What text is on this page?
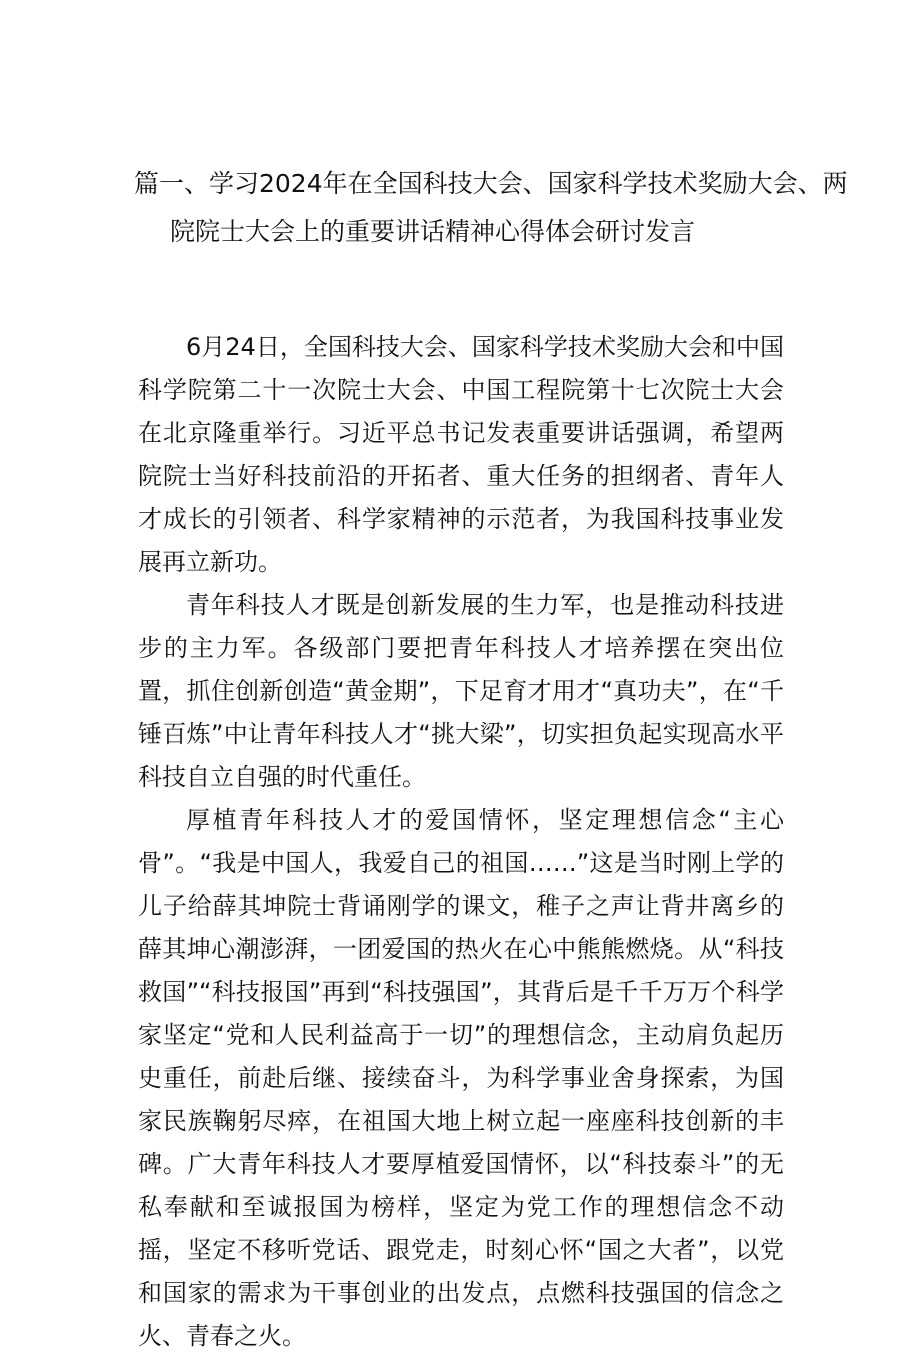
篇一、学习2024年在全国科技大会、国家科学技术奖励大会、两
院院士大会上的重要讲话精神心得体会研讨发言

6月24日，全国科技大会、国家科学技术奖励大会和中国科学院第二十一次院士大会、中国工程院第十七次院士大会在北京隆重举行。习近平总书记发表重要讲话强调，希望两院院士当好科技前沿的开拓者、重大任务的担纲者、青年人才成长的引领者、科学家精神的示范者，为我国科技事业发展再立新功。

青年科技人才既是创新发展的生力军，也是推动科技进步的主力军。各级部门要把青年科技人才培养摆在突出位置，抓住创新创造“黄金期”，下足育才用才“真功夫”，在“千锤百炼”中让青年科技人才“挑大梁”，切实担负起实现高水平科技自立自强的时代重任。

厚植青年科技人才的爱国情怀，坚定理想信念“主心骨”。“我是中国人，我爱自己的祖国……”这是当时刚上学的儿子给薛其坤院士背诵刚学的课文，稚子之声让背井离乡的薛其坤心潮澎湃，一团爱国的热火在心中熊熊燃烧。从“科技救国”“科技报国”再到“科技强国”，其背后是千千万万个科学家坚定“党和人民利益高于一切”的理想信念，主动肩负起历史重任，前赴后继、接续奋斗，为科学事业舍身探索，为国家民族鞠躬尽瘁，在祖国大地上树立起一座座科技创新的丰碑。广大青年科技人才要厚植爱国情怀，以“科技泰斗”的无私奉献和至诚报国为榜样，坚定为党工作的理想信念不动摇，坚定不移听党话、跟党走，时刻心怀“国之大者”，以党和国家的需求为干事创业的出发点，点燃科技强国的信念之火、青春之火。
